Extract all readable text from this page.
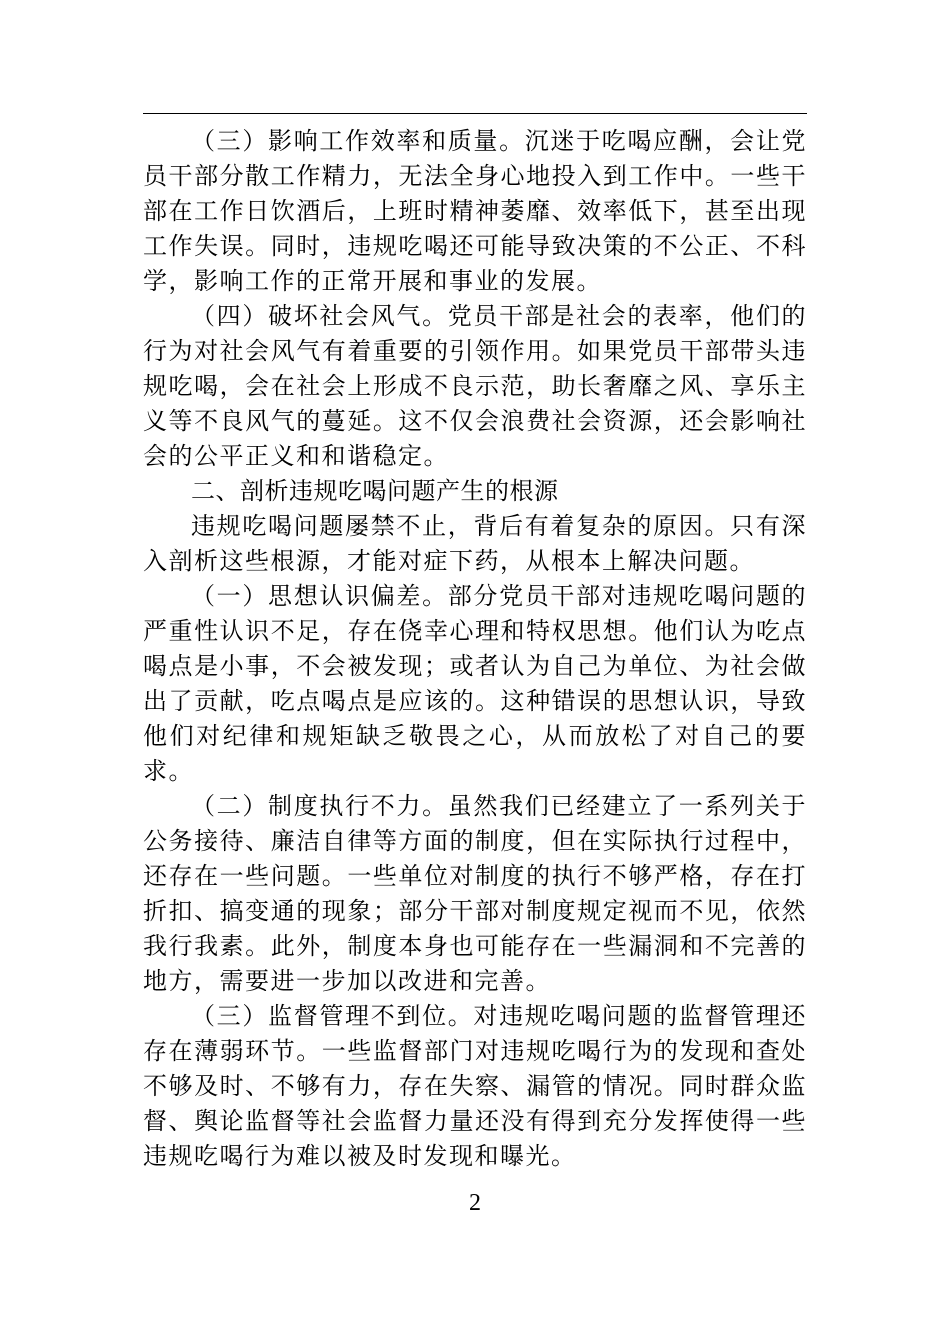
（三）影响工作效率和质量。沉迷于吃喝应酬，会让党员干部分散工作精力，无法全身心地投入到工作中。一些干部在工作日饮酒后，上班时精神萎靡、效率低下，甚至出现工作失误。同时，违规吃喝还可能导致决策的不公正、不科学，影响工作的正常开展和事业的发展。

（四）破坏社会风气。党员干部是社会的表率，他们的行为对社会风气有着重要的引领作用。如果党员干部带头违规吃喝，会在社会上形成不良示范，助长奢靡之风、享乐主义等不良风气的蔓延。这不仅会浪费社会资源，还会影响社会的公平正义和和谐稳定。

二、剖析违规吃喝问题产生的根源

违规吃喝问题屡禁不止，背后有着复杂的原因。只有深入剖析这些根源，才能对症下药，从根本上解决问题。

（一）思想认识偏差。部分党员干部对违规吃喝问题的严重性认识不足，存在侥幸心理和特权思想。他们认为吃点喝点是小事，不会被发现；或者认为自己为单位、为社会做出了贡献，吃点喝点是应该的。这种错误的思想认识，导致他们对纪律和规矩缺乏敬畏之心，从而放松了对自己的要求。

（二）制度执行不力。虽然我们已经建立了一系列关于公务接待、廉洁自律等方面的制度，但在实际执行过程中，还存在一些问题。一些单位对制度的执行不够严格，存在打折扣、搞变通的现象；部分干部对制度规定视而不见，依然我行我素。此外，制度本身也可能存在一些漏洞和不完善的地方，需要进一步加以改进和完善。

（三）监督管理不到位。对违规吃喝问题的监督管理还存在薄弱环节。一些监督部门对违规吃喝行为的发现和查处不够及时、不够有力，存在失察、漏管的情况。同时群众监督、舆论监督等社会监督力量还没有得到充分发挥使得一些违规吃喝行为难以被及时发现和曝光。

2
